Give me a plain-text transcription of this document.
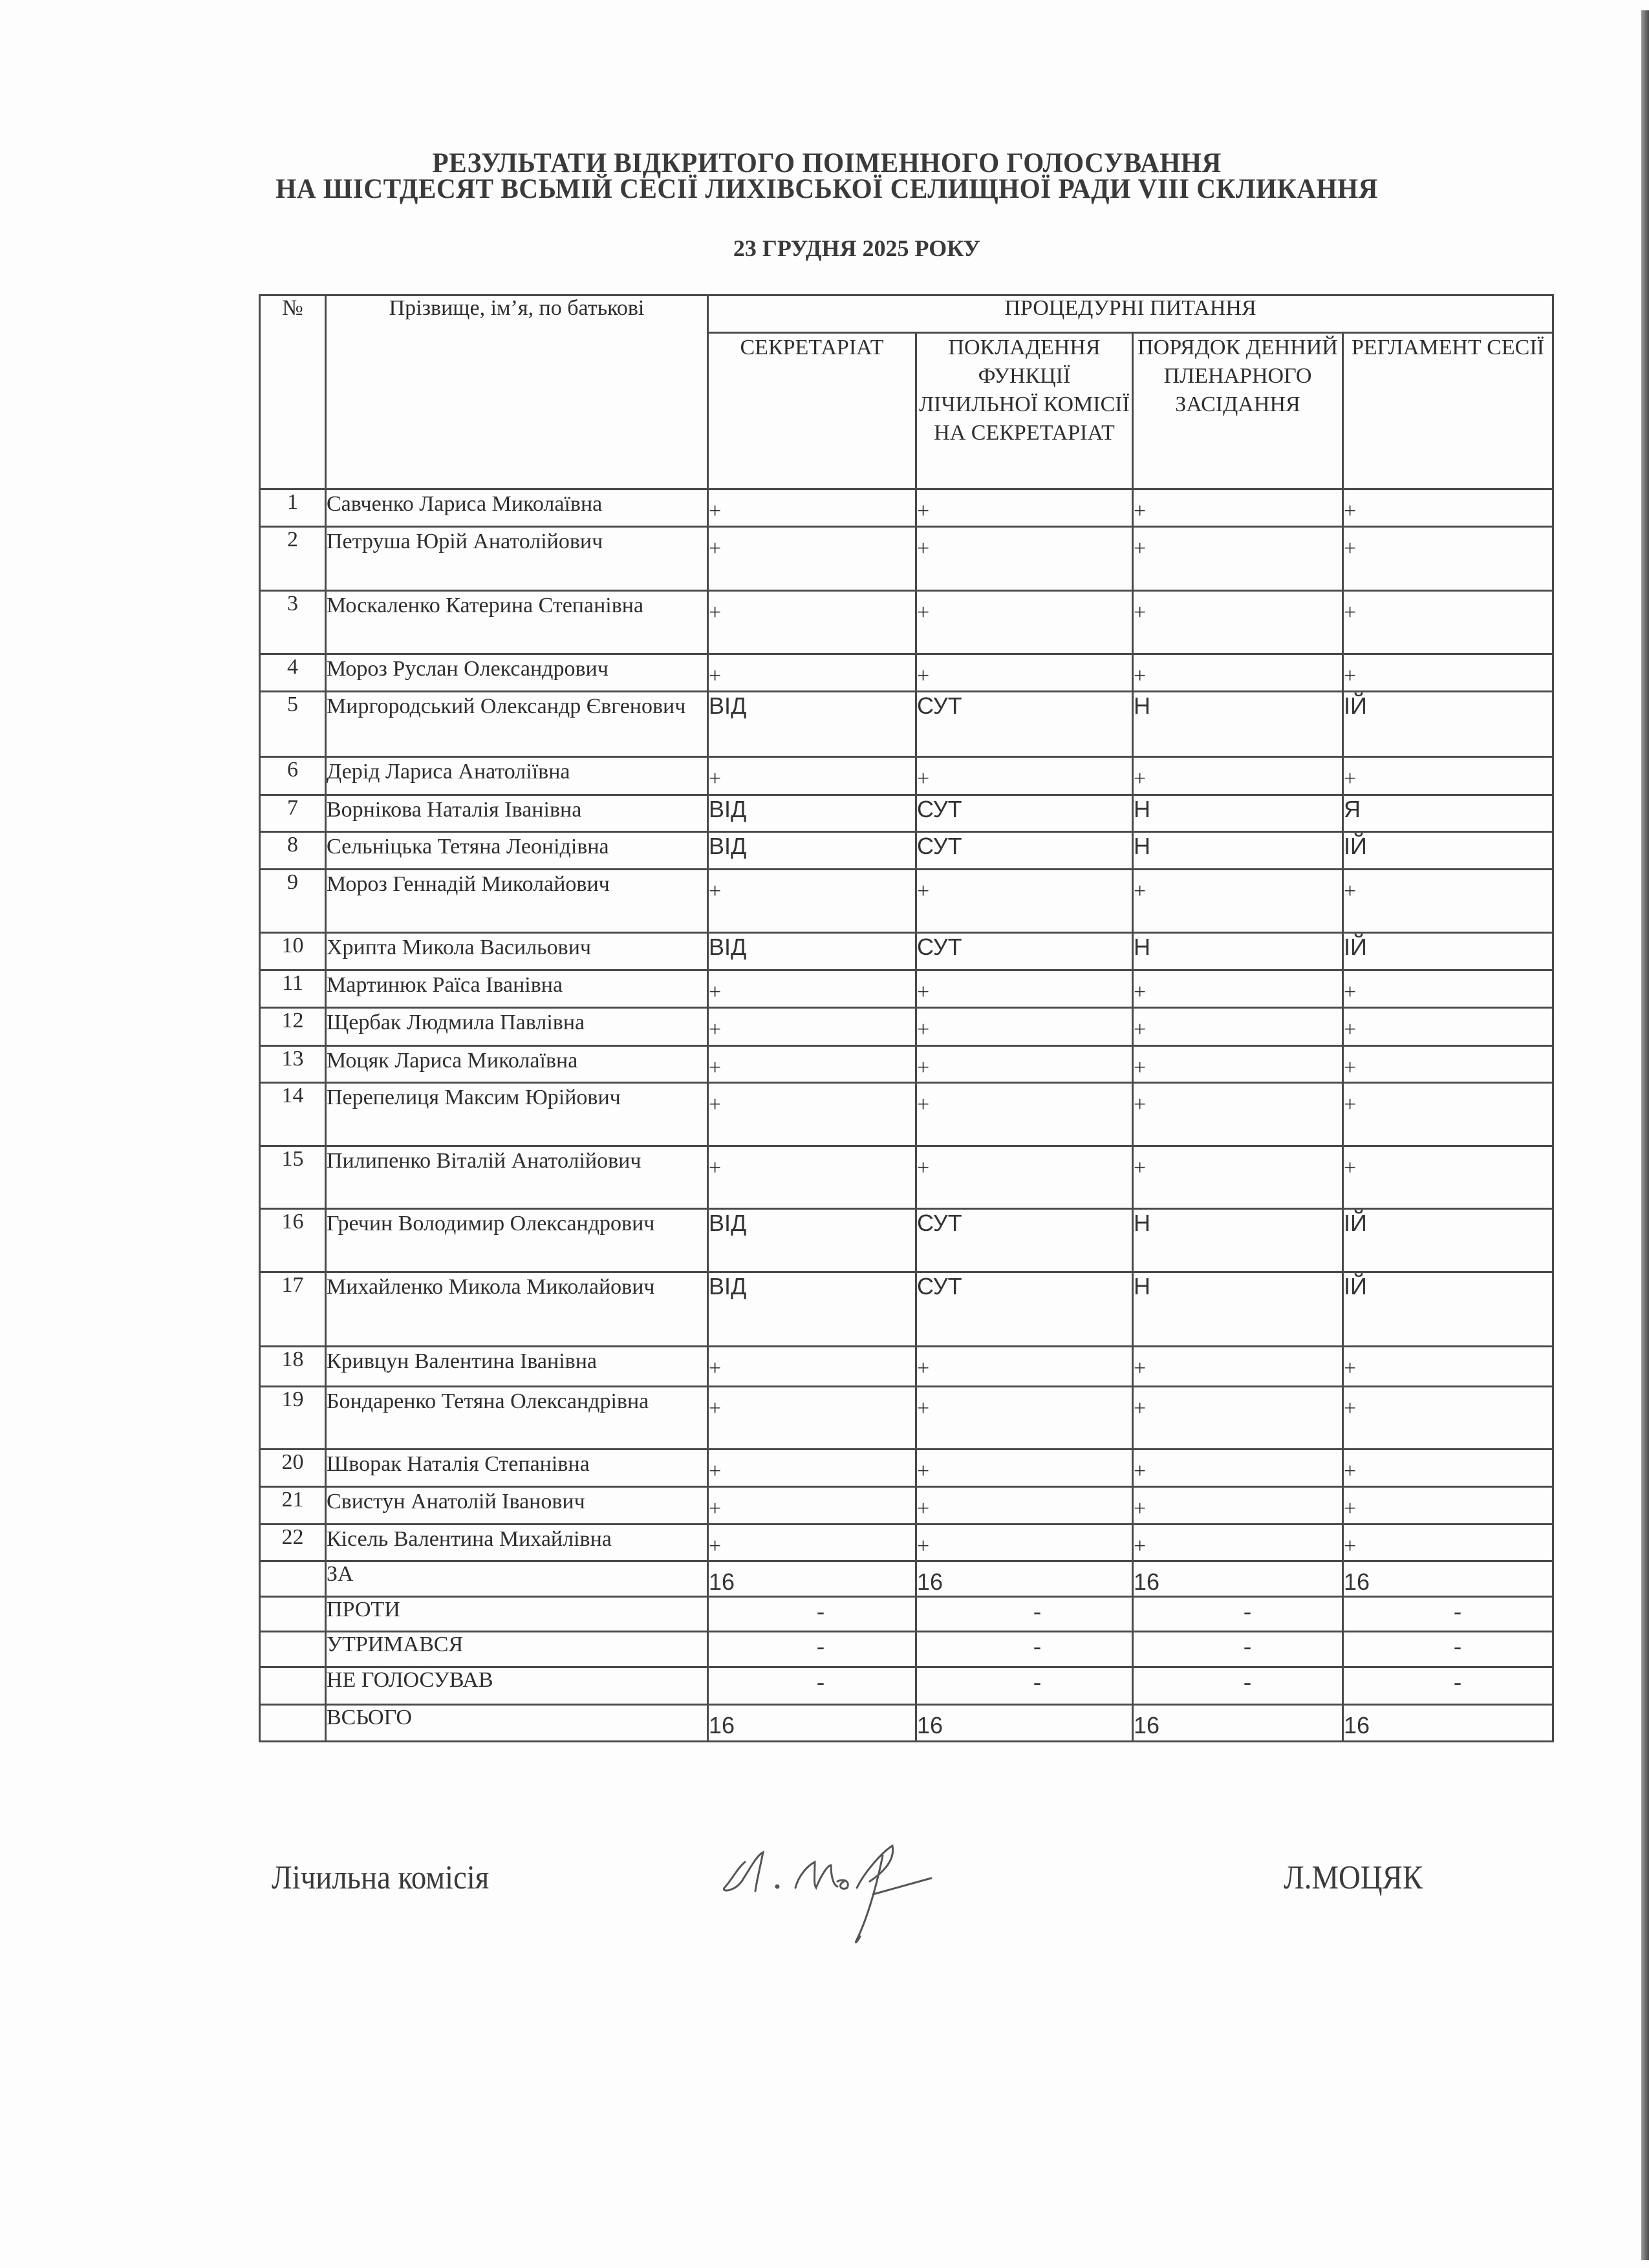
РЕЗУЛЬТАТИ ВІДКРИТОГО ПОІМЕННОГО ГОЛОСУВАННЯ
НА ШІСТДЕСЯТ ВСЬМІЙ СЕСІЇ ЛИХІВСЬКОЇ СЕЛИЩНОЇ РАДИ VIII СКЛИКАННЯ
23 ГРУДНЯ 2025 РОКУ
№	Прізвище, ім’я, по батькові	ПРОЦЕДУРНІ ПИТАННЯ			
		СЕКРЕТАРІАТ	ПОКЛАДЕННЯ ФУНКЦІЇ ЛІЧИЛЬНОЇ КОМІСІЇ НА СЕКРЕТАРІАТ	ПОРЯДОК ДЕННИЙ ПЛЕНАРНОГО ЗАСІДАННЯ	РЕГЛАМЕНТ СЕСІЇ
1	Савченко Лариса Миколаївна	+	+	+	+
2	Петруша Юрій Анатолійович	+	+	+	+
3	Москаленко Катерина Степанівна	+	+	+	+
4	Мороз Руслан Олександрович	+	+	+	+
5	Миргородський Олександр Євгенович	ВІД	СУТ	Н	ІЙ
6	Дерід Лариса Анатоліївна	+	+	+	+
7	Ворнікова Наталія Іванівна	ВІД	СУТ	Н	Я
8	Сельніцька Тетяна Леонідівна	ВІД	СУТ	Н	ІЙ
9	Мороз Геннадій Миколайович	+	+	+	+
10	Хрипта Микола Васильович	ВІД	СУТ	Н	ІЙ
11	Мартинюк Раїса Іванівна	+	+	+	+
12	Щербак Людмила Павлівна	+	+	+	+
13	Моцяк Лариса Миколаївна	+	+	+	+
14	Перепелиця Максим Юрійович	+	+	+	+
15	Пилипенко Віталій Анатолійович	+	+	+	+
16	Гречин Володимир Олександрович	ВІД	СУТ	Н	ІЙ
17	Михайленко Микола Миколайович	ВІД	СУТ	Н	ІЙ
18	Кривцун Валентина Іванівна	+	+	+	+
19	Бондаренко Тетяна Олександрівна	+	+	+	+
20	Шворак Наталія Степанівна	+	+	+	+
21	Свистун Анатолій Іванович	+	+	+	+
22	Кісель Валентина Михайлівна	+	+	+	+
	ЗА	16	16	16	16
	ПРОТИ	-	-	-	-
	УТРИМАВСЯ	-	-	-	-
	НЕ ГОЛОСУВАВ	-	-	-	-
	ВСЬОГО	16	16	16	16
Лічильна комісія	Л.МОЦЯК
